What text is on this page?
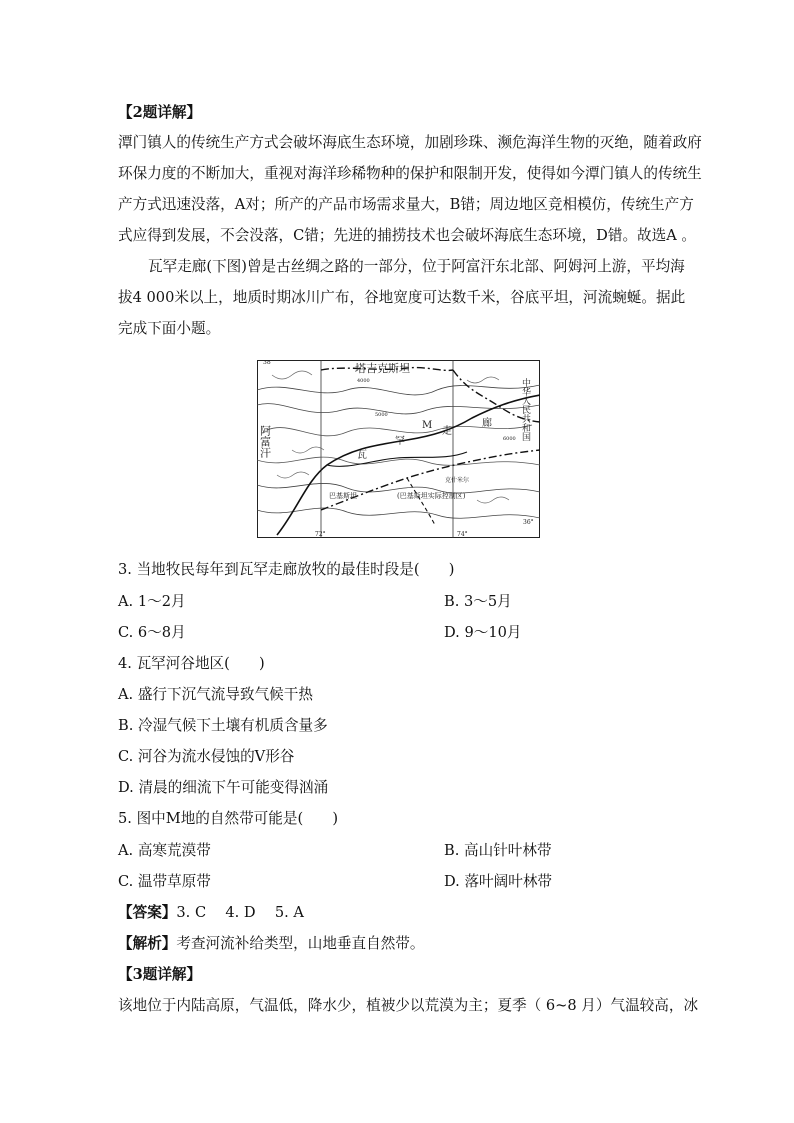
【2题详解】
潭门镇人的传统生产方式会破坏海底生态环境，加剧珍珠、濒危海洋生物的灭绝，随着政府
环保力度的不断加大，重视对海洋珍稀物种的保护和限制开发，使得如今潭门镇人的传统生
产方式迅速没落，A对；所产的产品市场需求量大，B错；周边地区竞相模仿，传统生产方
式应得到发展，不会没落，C错；先进的捕捞技术也会破坏海底生态环境，D错。故选A 。
瓦罕走廊(下图)曾是古丝绸之路的一部分，位于阿富汗东北部、阿姆河上游，平均海
拔4 000米以上，地质时期冰川广布，谷地宽度可达数千米，谷底平坦，河流蜿蜒。据此
完成下面小题。
塔吉克斯坦
38°
36°
72°	74°
中华人民共和国
阿富汗	M
瓦
罕
走
廊
巴基斯坦	(巴基斯坦实际控制区)
克什米尔
4000
5000
6000
3. 当地牧民每年到瓦罕走廊放牧的最佳时段是(　　)
A. 1～2月	B. 3～5月
C. 6～8月	D. 9～10月
4. 瓦罕河谷地区(　　)
A. 盛行下沉气流导致气候干热
B. 冷湿气候下土壤有机质含量多
C. 河谷为流水侵蚀的V形谷
D. 清晨的细流下午可能变得汹涌
5. 图中M地的自然带可能是(　　)
A. 高寒荒漠带	B. 高山针叶林带
C. 温带草原带	D. 落叶阔叶林带
【答案】3. C　 4. D　 5. A
【解析】考查河流补给类型，山地垂直自然带。
【3题详解】
该地位于内陆高原，气温低，降水少，植被少以荒漠为主；夏季（ 6~8 月）气温较高，冰
